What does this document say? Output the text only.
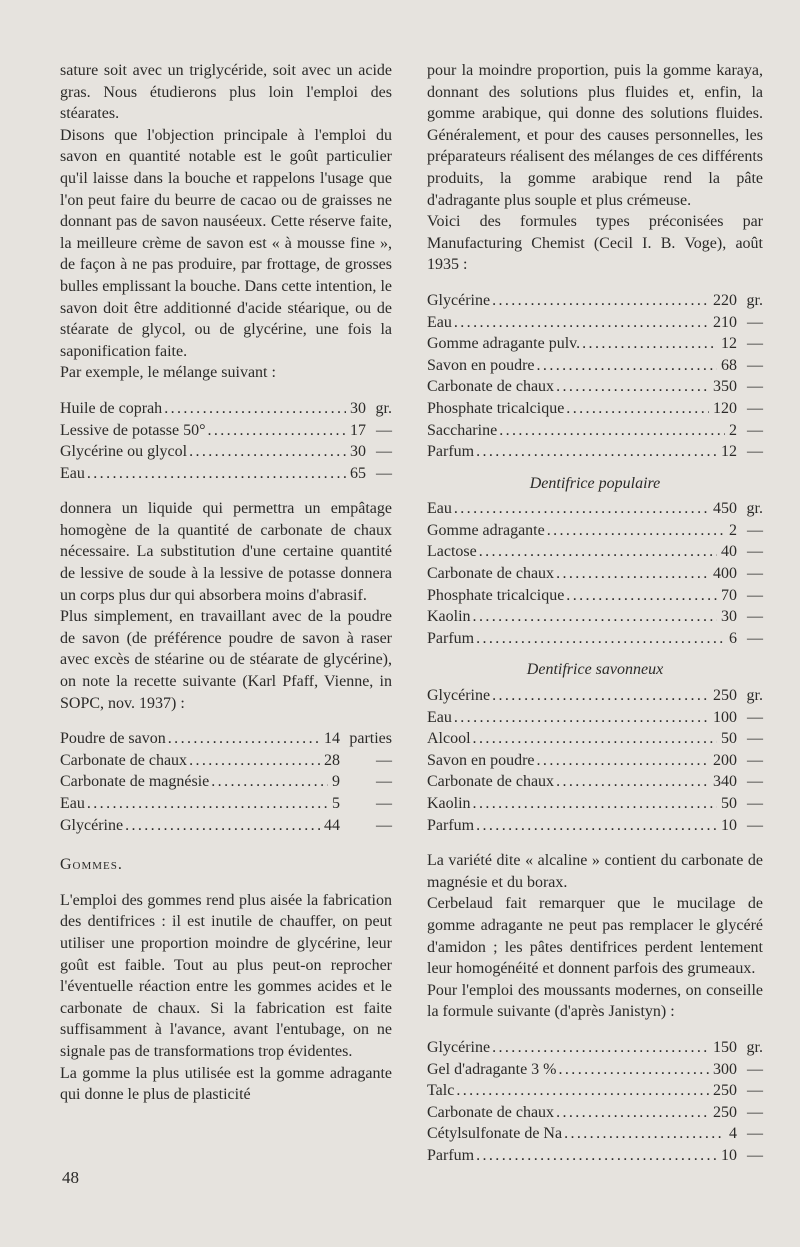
sature soit avec un triglycéride, soit avec un acide gras. Nous étudierons plus loin l'emploi des stéarates.

Disons que l'objection principale à l'emploi du savon en quantité notable est le goût particulier qu'il laisse dans la bouche et rappelons l'usage que l'on peut faire du beurre de cacao ou de graisses ne donnant pas de savon nauséeux. Cette réserve faite, la meilleure crème de savon est « à mousse fine », de façon à ne pas produire, par frottage, de grosses bulles emplissant la bouche. Dans cette intention, le savon doit être additionné d'acide stéarique, ou de stéarate de glycol, ou de glycérine, une fois la saponification faite.

Par exemple, le mélange suivant :

Huile de coprah .....	30 gr.
Lessive de potasse 50° .....	17 —
Glycérine ou glycol .....	30 —
Eau .....	65 —

donnera un liquide qui permettra un empâtage homogène de la quantité de carbonate de chaux nécessaire. La substitution d'une certaine quantité de lessive de soude à la lessive de potasse donnera un corps plus dur qui absorbera moins d'abrasif.

Plus simplement, en travaillant avec de la poudre de savon (de préférence poudre de savon à raser avec excès de stéarine ou de stéarate de glycérine), on note la recette suivante (Karl Pfaff, Vienne, in SOPC, nov. 1937) :

Poudre de savon .....	14 parties
Carbonate de chaux .....	28	—
Carbonate de magnésie .....	9	—
Eau .....	5	—
Glycérine .....	44	—
Gommes.

L'emploi des gommes rend plus aisée la fabrication des dentifrices : il est inutile de chauffer, on peut utiliser une proportion moindre de glycérine, leur goût est faible. Tout au plus peut-on reprocher l'éventuelle réaction entre les gommes acides et le carbonate de chaux. Si la fabrication est faite suffisamment à l'avance, avant l'entubage, on ne signale pas de transformations trop évidentes.

La gomme la plus utilisée est la gomme adragante qui donne le plus de plasticité

pour la moindre proportion, puis la gomme karaya, donnant des solutions plus fluides et, enfin, la gomme arabique, qui donne des solutions fluides. Généralement, et pour des causes personnelles, les préparateurs réalisent des mélanges de ces différents produits, la gomme arabique rend la pâte d'adragante plus souple et plus crémeuse.

Voici des formules types préconisées par Manufacturing Chemist (Cecil I. B. Voge), août 1935 :

Glycérine .....	220 gr.
Eau .....	210 —
Gomme adragante pulv. .....	12 —
Savon en poudre .....	68 —
Carbonate de chaux .....	350 —
Phosphate tricalcique .....	120 —
Saccharine .....	2 —
Parfum .....	12 —
Dentifrice populaire
Eau .....	450 gr.
Gomme adragante .....	2 —
Lactose .....	40 —
Carbonate de chaux .....	400 —
Phosphate tricalcique .....	70 —
Kaolin .....	30 —
Parfum .....	6 —
Dentifrice savonneux
Glycérine .....	250 gr.
Eau .....	100 —
Alcool .....	50 —
Savon en poudre .....	200 —
Carbonate de chaux .....	340 —
Kaolin .....	50 —
Parfum .....	10 —

La variété dite « alcaline » contient du carbonate de magnésie et du borax.

Cerbelaud fait remarquer que le mucilage de gomme adragante ne peut pas remplacer le glycéré d'amidon ; les pâtes dentifrices perdent lentement leur homogénéité et donnent parfois des grumeaux.

Pour l'emploi des moussants modernes, on conseille la formule suivante (d'après Janistyn) :

Glycérine .....	150 gr.
Gel d'adragante 3 % .....	300 —
Talc .....	250 —
Carbonate de chaux .....	250 —
Cétylsulfonate de Na .....	4 —
Parfum .....	10 —
48
